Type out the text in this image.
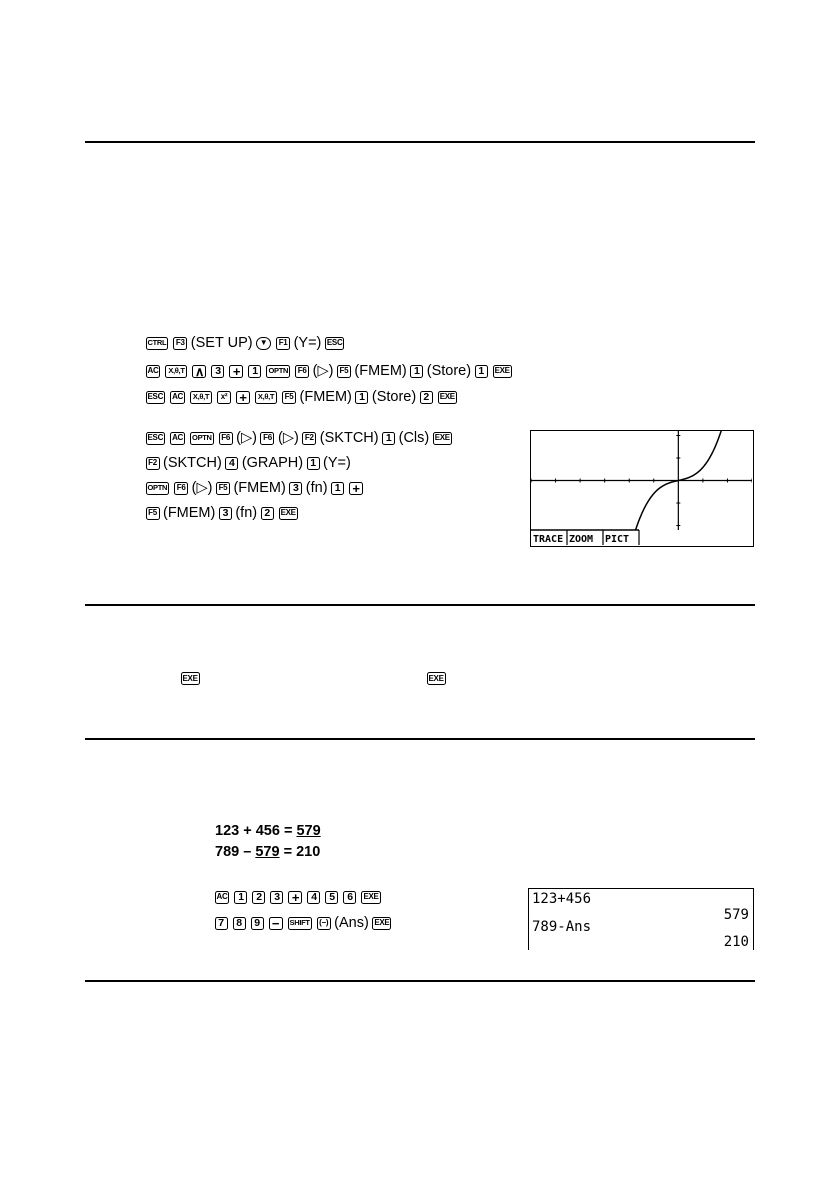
CTRL	F3 (SET UP) ▼	F1 (Y=) ESC
AC	X,θ,T ∧	3 +	1	OPTN	F6 (▷) F5 (FMEM) 1 (Store) 1	EXE
ESC AC	X,θ,T	x² +	X,θ,T	F5 (FMEM) 1 (Store) 2	EXE
ESC AC OPTN	F6 (▷) F6 (▷) F2 (SKTCH) 1 (Cls) EXE
F2 (SKTCH) 4 (GRAPH) 1 (Y=)
OPTN	F6 (▷) F5 (FMEM) 3 (fn) 1 +
F5 (FMEM) 3 (fn) 2	EXE
TRACE ZOOM PICT
EXE	EXE
123 + 456 = 579
789 – 579 = 210
AC	1	2	3 +	4	5	6	EXE
7	8	9 −	SHIFT	(−) (Ans) EXE
123+456
579
789-Ans
210
